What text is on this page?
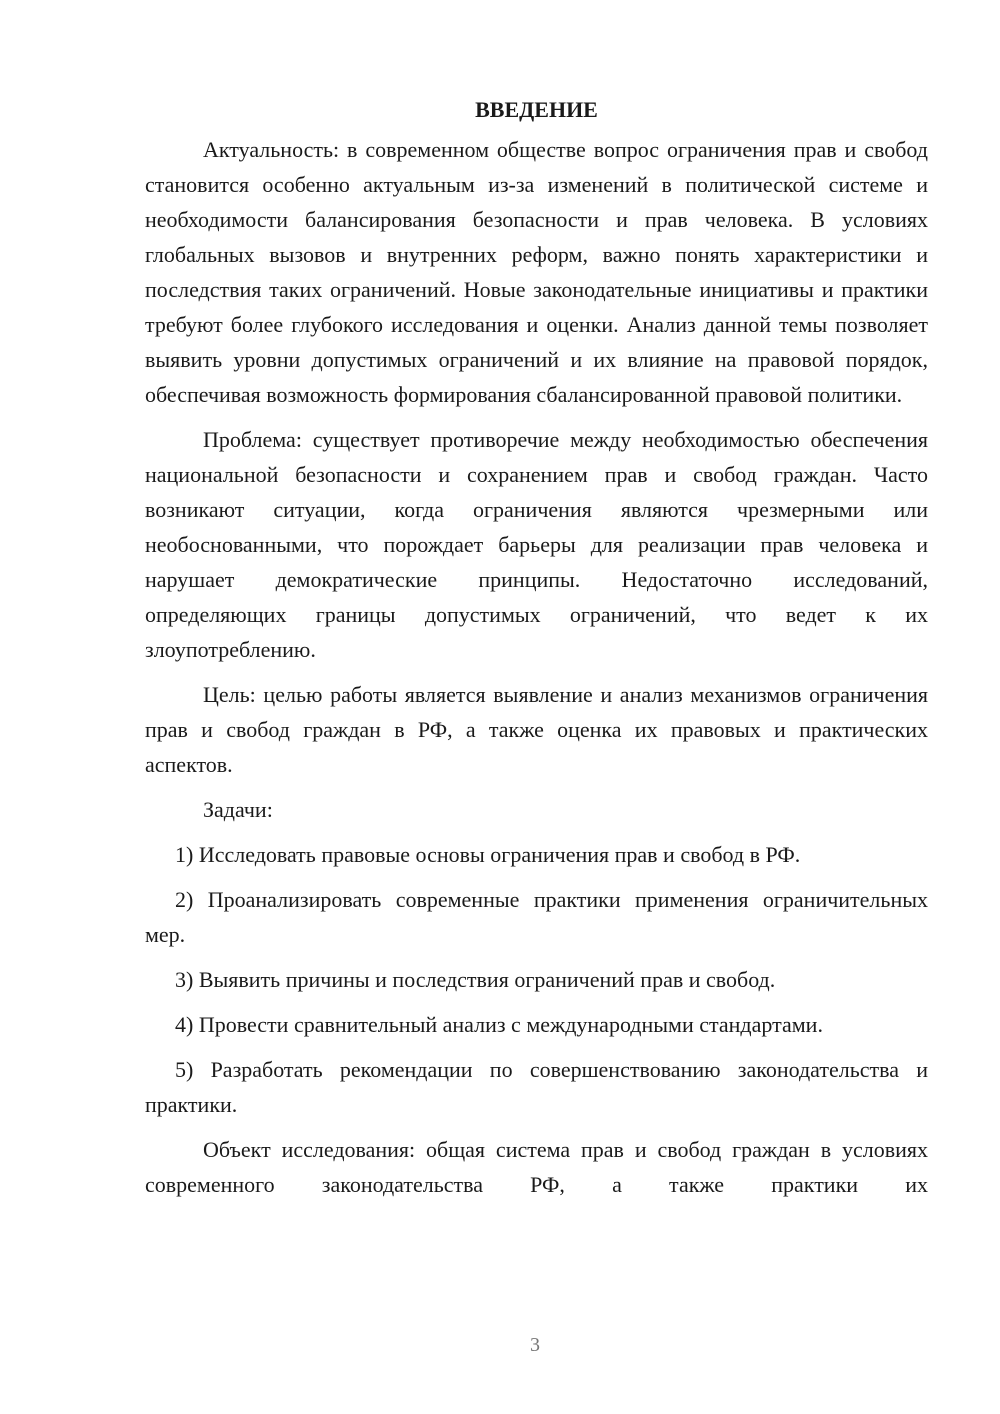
ВВЕДЕНИЕ

Актуальность: в современном обществе вопрос ограничения прав и свобод становится особенно актуальным из-за изменений в политической системе и необходимости балансирования безопасности и прав человека. В условиях глобальных вызовов и внутренних реформ, важно понять характеристики и последствия таких ограничений. Новые законодательные инициативы и практики требуют более глубокого исследования и оценки. Анализ данной темы позволяет выявить уровни допустимых ограничений и их влияние на правовой порядок, обеспечивая возможность формирования сбалансированной правовой политики.

Проблема: существует противоречие между необходимостью обеспечения национальной безопасности и сохранением прав и свобод граждан. Часто возникают ситуации, когда ограничения являются чрезмерными или необоснованными, что порождает барьеры для реализации прав человека и нарушает демократические принципы. Недостаточно исследований, определяющих границы допустимых ограничений, что ведет к их злоупотреблению.

Цель: целью работы является выявление и анализ механизмов ограничения прав и свобод граждан в РФ, а также оценка их правовых и практических аспектов.

Задачи:

1) Исследовать правовые основы ограничения прав и свобод в РФ.

2) Проанализировать современные практики применения ограничительных мер.

3) Выявить причины и последствия ограничений прав и свобод.

4) Провести сравнительный анализ с международными стандартами.

5) Разработать рекомендации по совершенствованию законодательства и практики.

Объект исследования: общая система прав и свобод граждан в условиях современного законодательства РФ, а также практики их

3
